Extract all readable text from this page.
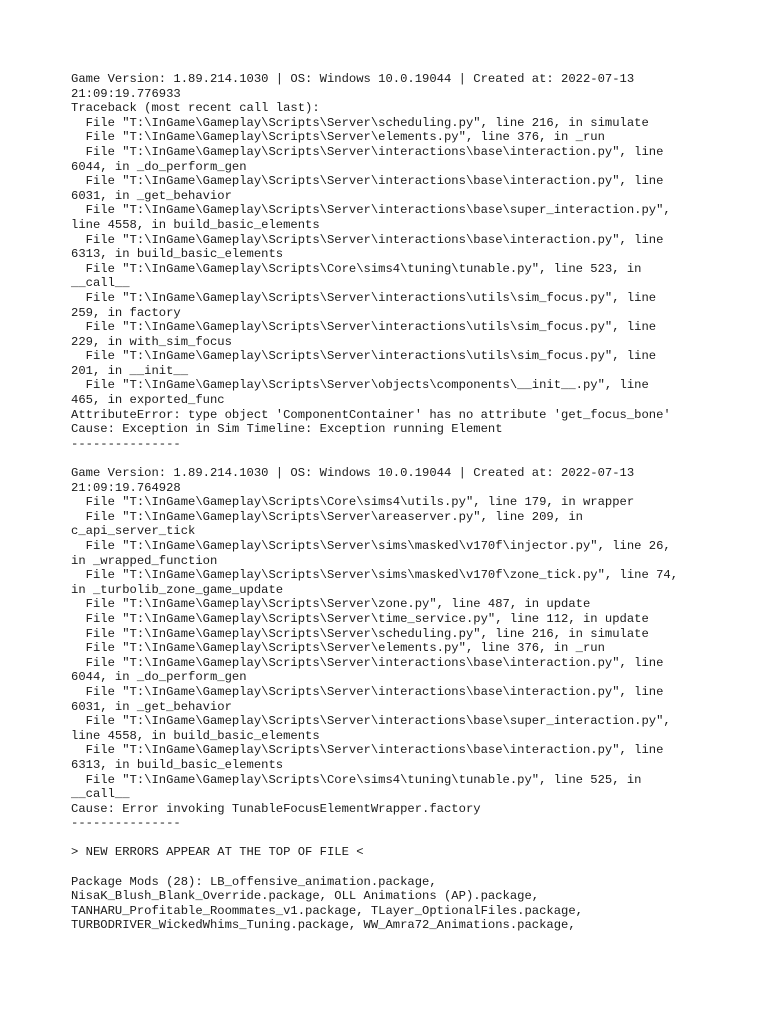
Game Version: 1.89.214.1030 | OS: Windows 10.0.19044 | Created at: 2022-07-13
21:09:19.776933
Traceback (most recent call last):
File "T:\InGame\Gameplay\Scripts\Server\scheduling.py", line 216, in simulate
File "T:\InGame\Gameplay\Scripts\Server\elements.py", line 376, in _run
File "T:\InGame\Gameplay\Scripts\Server\interactions\base\interaction.py", line
6044, in _do_perform_gen
File "T:\InGame\Gameplay\Scripts\Server\interactions\base\interaction.py", line
6031, in _get_behavior
File "T:\InGame\Gameplay\Scripts\Server\interactions\base\super_interaction.py",
line 4558, in build_basic_elements
File "T:\InGame\Gameplay\Scripts\Server\interactions\base\interaction.py", line
6313, in build_basic_elements
File "T:\InGame\Gameplay\Scripts\Core\sims4\tuning\tunable.py", line 523, in
__call__
File "T:\InGame\Gameplay\Scripts\Server\interactions\utils\sim_focus.py", line
259, in factory
File "T:\InGame\Gameplay\Scripts\Server\interactions\utils\sim_focus.py", line
229, in with_sim_focus
File "T:\InGame\Gameplay\Scripts\Server\interactions\utils\sim_focus.py", line
201, in __init__
File "T:\InGame\Gameplay\Scripts\Server\objects\components\__init__.py", line
465, in exported_func
AttributeError: type object 'ComponentContainer' has no attribute 'get_focus_bone'
Cause: Exception in Sim Timeline: Exception running Element
---------------
Game Version: 1.89.214.1030 | OS: Windows 10.0.19044 | Created at: 2022-07-13
21:09:19.764928
File "T:\InGame\Gameplay\Scripts\Core\sims4\utils.py", line 179, in wrapper
File "T:\InGame\Gameplay\Scripts\Server\areaserver.py", line 209, in
c_api_server_tick
File "T:\InGame\Gameplay\Scripts\Server\sims\masked\v170f\injector.py", line 26,
in _wrapped_function
File "T:\InGame\Gameplay\Scripts\Server\sims\masked\v170f\zone_tick.py", line 74,
in _turbolib_zone_game_update
File "T:\InGame\Gameplay\Scripts\Server\zone.py", line 487, in update
File "T:\InGame\Gameplay\Scripts\Server\time_service.py", line 112, in update
File "T:\InGame\Gameplay\Scripts\Server\scheduling.py", line 216, in simulate
File "T:\InGame\Gameplay\Scripts\Server\elements.py", line 376, in _run
File "T:\InGame\Gameplay\Scripts\Server\interactions\base\interaction.py", line
6044, in _do_perform_gen
File "T:\InGame\Gameplay\Scripts\Server\interactions\base\interaction.py", line
6031, in _get_behavior
File "T:\InGame\Gameplay\Scripts\Server\interactions\base\super_interaction.py",
line 4558, in build_basic_elements
File "T:\InGame\Gameplay\Scripts\Server\interactions\base\interaction.py", line
6313, in build_basic_elements
File "T:\InGame\Gameplay\Scripts\Core\sims4\tuning\tunable.py", line 525, in
__call__
Cause: Error invoking TunableFocusElementWrapper.factory
---------------
> NEW ERRORS APPEAR AT THE TOP OF FILE <
Package Mods (28): LB_offensive_animation.package,
NisaK_Blush_Blank_Override.package, OLL Animations (AP).package,
TANHARU_Profitable_Roommates_v1.package, TLayer_OptionalFiles.package,
TURBODRIVER_WickedWhims_Tuning.package, WW_Amra72_Animations.package,
